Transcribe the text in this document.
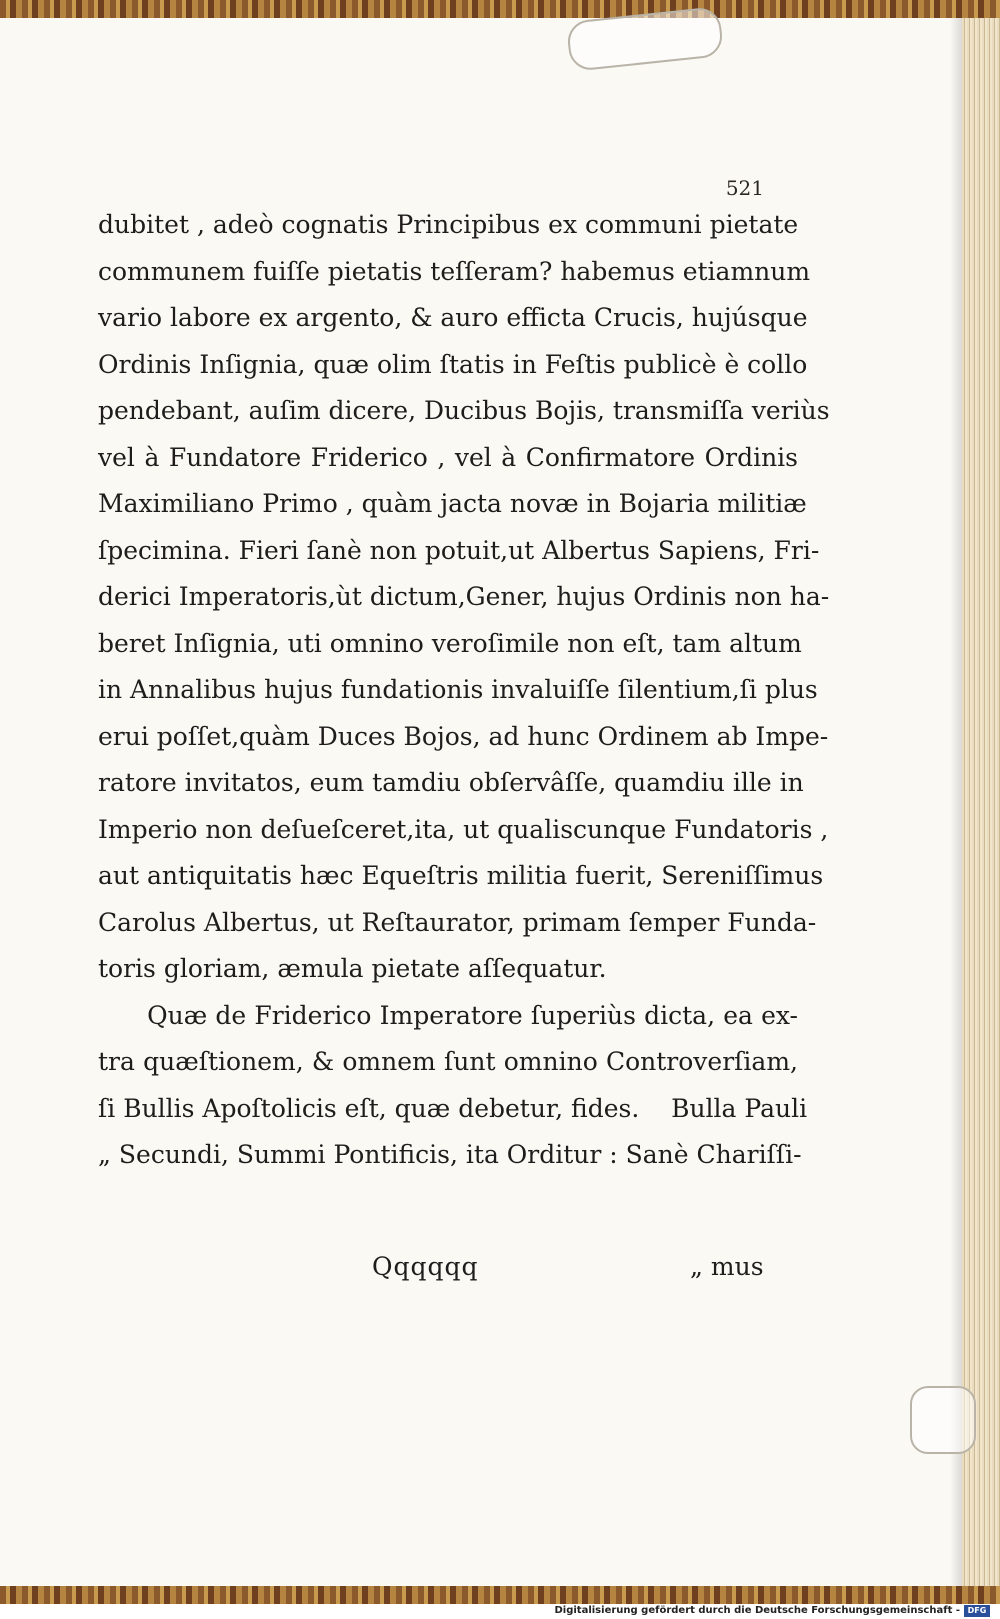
521
dubitet , adeò cognatis Principibus ex communi pietate
communem fuiſſe pietatis teſſeram? habemus etiamnum
vario labore ex argento, & auro efficta Crucis, hujúsque
Ordinis Inſignia, quæ olim ſtatis in Feſtis publicè è collo
pendebant, auſim dicere, Ducibus Bojis, transmiſſa veriùs
vel à Fundatore Friderico , vel à Confirmatore Ordinis
Maximiliano Primo , quàm jacta novæ in Bojaria militiæ
ſpecimina. Fieri ſanè non potuit,ut Albertus Sapiens, Fri-
derici Imperatoris,ùt dictum,Gener, hujus Ordinis non ha-
beret Inſignia, uti omnino veroſimile non eſt, tam altum
in Annalibus hujus fundationis invaluiſſe ſilentium,ſi plus
erui poſſet,quàm Duces Bojos, ad hunc Ordinem ab Impe-
ratore invitatos, eum tamdiu obſervâſſe, quamdiu ille in
Imperio non deſueſceret,ita, ut qualiscunque Fundatoris ,
aut antiquitatis hæc Equeſtris militia fuerit, Sereniſſimus
Carolus Albertus, ut Reſtaurator, primam ſemper Funda-
toris gloriam, æmula pietate aſſequatur.
Quæ de Friderico Imperatore ſuperiùs dicta, ea ex-
tra quæſtionem, & omnem ſunt omnino Controverſiam,
ſi Bullis Apoſtolicis eſt, quæ debetur, fides.    Bulla Pauli
„ Secundi, Summi Pontificis, ita Orditur : Sanè Chariſſi-
Qqqqqq	„ mus
Digitalisierung gefördert durch die Deutsche Forschungsgemeinschaft - DFG
